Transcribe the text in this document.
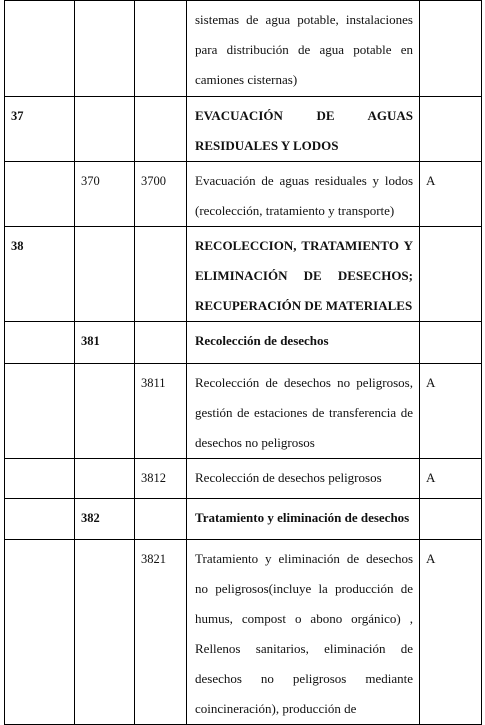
			sistemas de agua potable, instalaciones para distribución de agua potable en camiones cisternas)	
37			EVACUACIÓN DE AGUAS RESIDUALES Y LODOS	
	370	3700	Evacuación de aguas residuales y lodos (recolección, tratamiento y transporte)	A
38			RECOLECCION, TRATAMIENTO Y ELIMINACIÓN DE DESECHOS; RECUPERACIÓN DE MATERIALES	
	381		Recolección de desechos	
		3811	Recolección de desechos no peligrosos, gestión de estaciones de transferencia de desechos no peligrosos	A
		3812	Recolección de desechos peligrosos	A
	382		Tratamiento y eliminación de desechos	
		3821	Tratamiento y eliminación de desechos no peligrosos(incluye la producción de humus, compost o abono orgánico) , Rellenos sanitarios, eliminación de desechos no peligrosos mediante coincineración), producción de	A
